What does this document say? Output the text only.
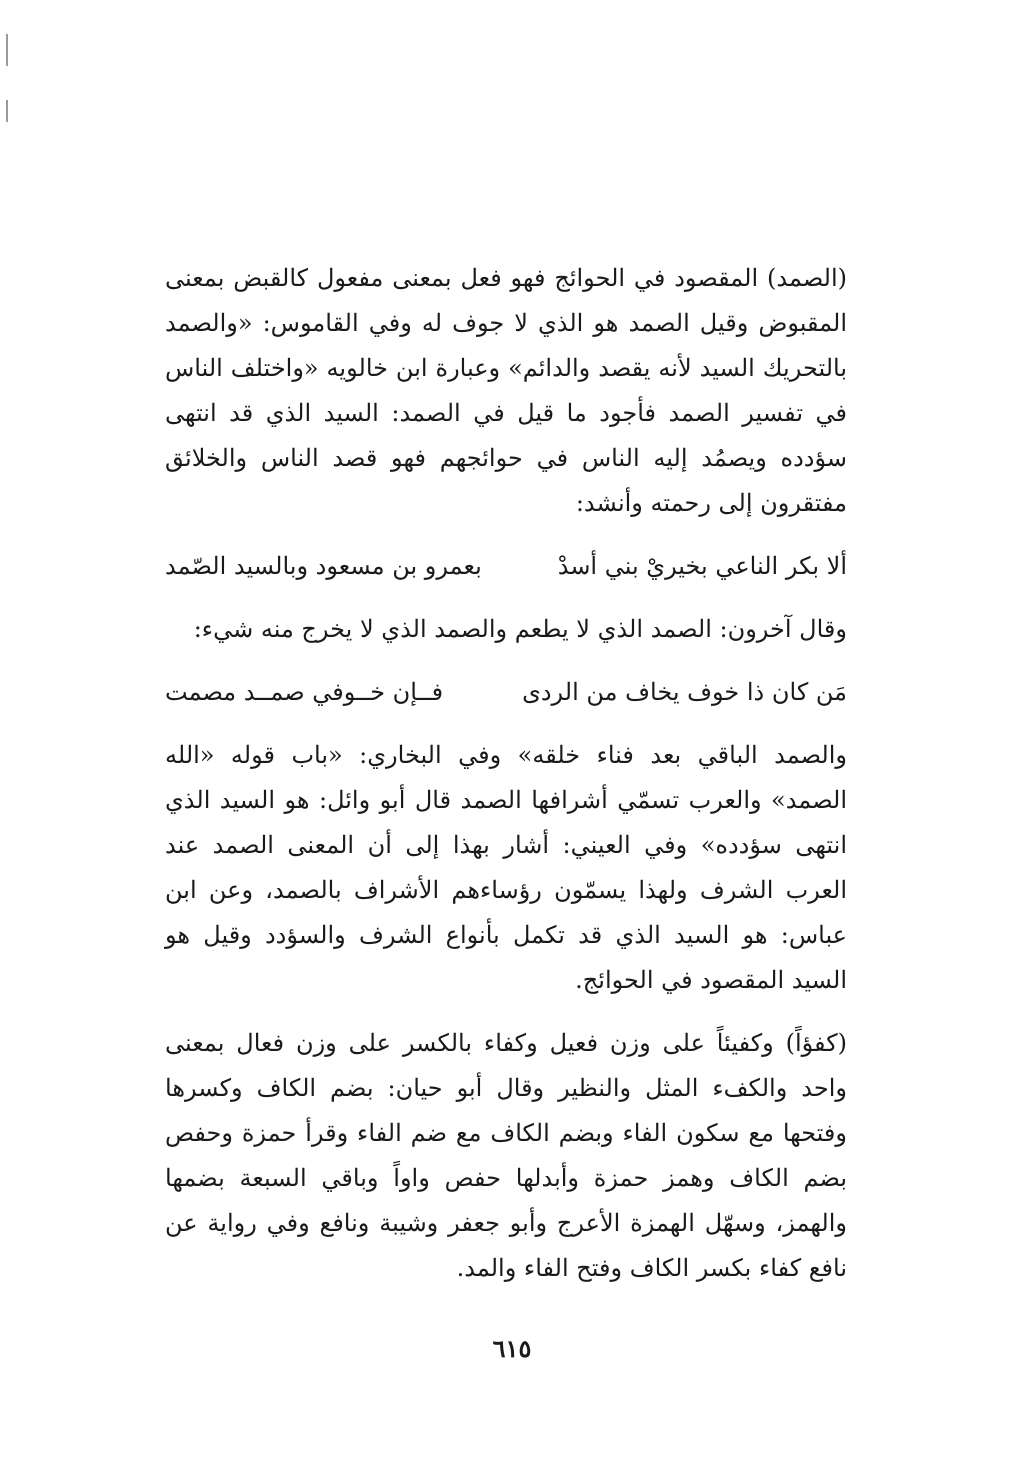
(الصمد) المقصود في الحوائج فهو فعل بمعنى مفعول كالقبض بمعنى المقبوض وقيل الصمد هو الذي لا جوف له وفي القاموس: «والصمد بالتحريك السيد لأنه يقصد والدائم» وعبارة ابن خالويه «واختلف الناس في تفسير الصمد فأجود ما قيل في الصمد: السيد الذي قد انتهى سؤدده ويصمُد إليه الناس في حوائجهم فهو قصد الناس والخلائق مفتقرون إلى رحمته وأنشد:

ألا بكر الناعي بخيريْ بني أسدْ
بعمرو بن مسعود وبالسيد الصّمد

وقال آخرون: الصمد الذي لا يطعم والصمد الذي لا يخرج منه شيء:

مَن كان ذا خوف يخاف من الردى
فــإن خــوفي صمــد مصمت

والصمد الباقي بعد فناء خلقه» وفي البخاري: «باب قوله «الله الصمد» والعرب تسمّي أشرافها الصمد قال أبو وائل: هو السيد الذي انتهى سؤدده» وفي العيني: أشار بهذا إلى أن المعنى الصمد عند العرب الشرف ولهذا يسمّون رؤساءهم الأشراف بالصمد، وعن ابن عباس: هو السيد الذي قد تكمل بأنواع الشرف والسؤدد وقيل هو السيد المقصود في الحوائج.

(كفؤاً) وكفيئاً على وزن فعيل وكفاء بالكسر على وزن فعال بمعنى واحد والكفء المثل والنظير وقال أبو حيان: بضم الكاف وكسرها وفتحها مع سكون الفاء وبضم الكاف مع ضم الفاء وقرأ حمزة وحفص بضم الكاف وهمز حمزة وأبدلها حفص واواً وباقي السبعة بضمها والهمز، وسهّل الهمزة الأعرج وأبو جعفر وشيبة ونافع وفي رواية عن نافع كفاء بكسر الكاف وفتح الفاء والمد.

٦١٥
